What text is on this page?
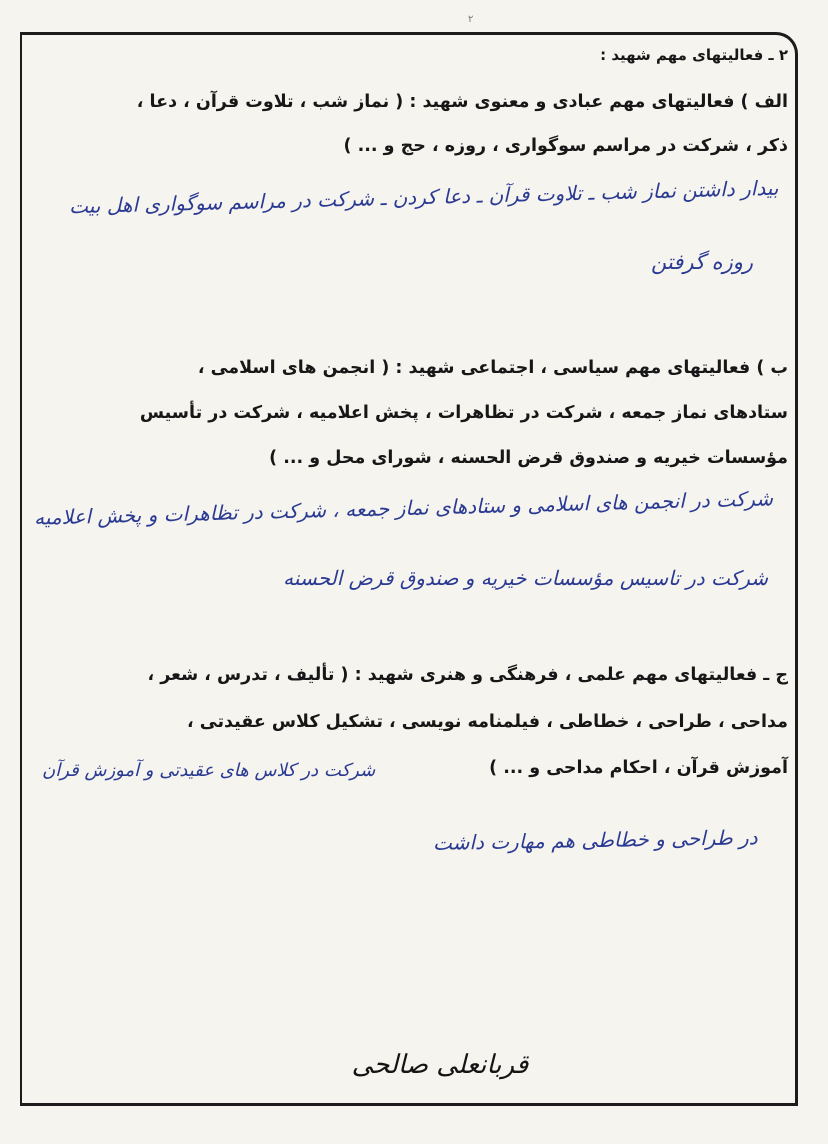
۲
۲ ـ فعالیتهای مهم شهید :
الف ) فعالیتهای مهم عبادی و معنوی شهید : ( نماز شب ، تلاوت قرآن ، دعا ،
ذکر ، شرکت در مراسم سوگواری ، روزه ، حج و ... )
بیدار داشتن نماز شب ـ تلاوت قرآن ـ دعا کردن ـ شرکت در مراسم سوگواری اهل بیت
روزه گرفتن
ب ) فعالیتهای مهم سیاسی ، اجتماعی شهید : ( انجمن های اسلامی ،
ستادهای نماز جمعه ، شرکت در تظاهرات ، پخش اعلامیه ، شرکت در تأسیس
مؤسسات خیریه و صندوق قرض الحسنه ، شورای محل و ... )
شرکت در انجمن های اسلامی و ستادهای نماز جمعه ، شرکت در تظاهرات و پخش اعلامیه
شرکت در تاسیس مؤسسات خیریه و صندوق قرض الحسنه
ج ـ فعالیتهای مهم علمی ، فرهنگی و هنری شهید : ( تألیف ، تدرس ، شعر ،
مداحی ، طراحی ، خطاطی ، فیلمنامه نویسی ، تشکیل کلاس عقیدتی ،
آموزش قرآن ، احکام مداحی و ... )
شرکت در کلاس های عقیدتی و آموزش قرآن
در طراحی و خطاطی هم مهارت داشت
قربانعلی صالحی
